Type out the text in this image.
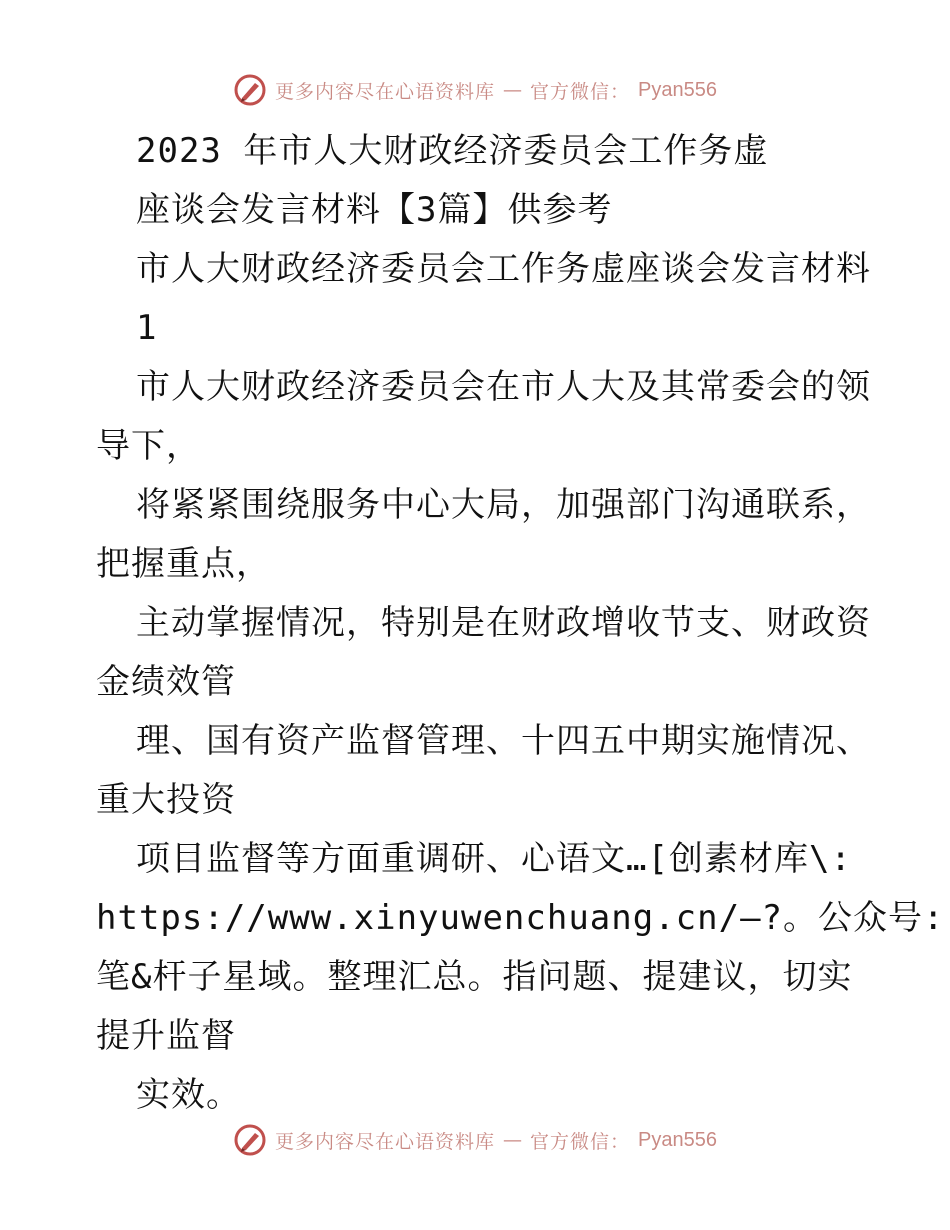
更多内容尽在心语资料库 — 官方微信： Pyan556
2023 年市人大财政经济委员会工作务虚
座谈会发言材料【3篇】供参考
市人大财政经济委员会工作务虚座谈会发言材料
1
市人大财政经济委员会在市人大及其常委会的领
导下，
将紧紧围绕服务中心大局，加强部门沟通联系，
把握重点，
主动掌握情况，特别是在财政增收节支、财政资
金绩效管
理、国有资产监督管理、十四五中期实施情况、
重大投资
项目监督等方面重调研、心语文…[创素材库\:
https://www.xinyuwenchuang.cn/—?。公众号:
笔&杆子星域。整理汇总。指问题、提建议，切实
提升监督
实效。
更多内容尽在心语资料库 — 官方微信： Pyan556
